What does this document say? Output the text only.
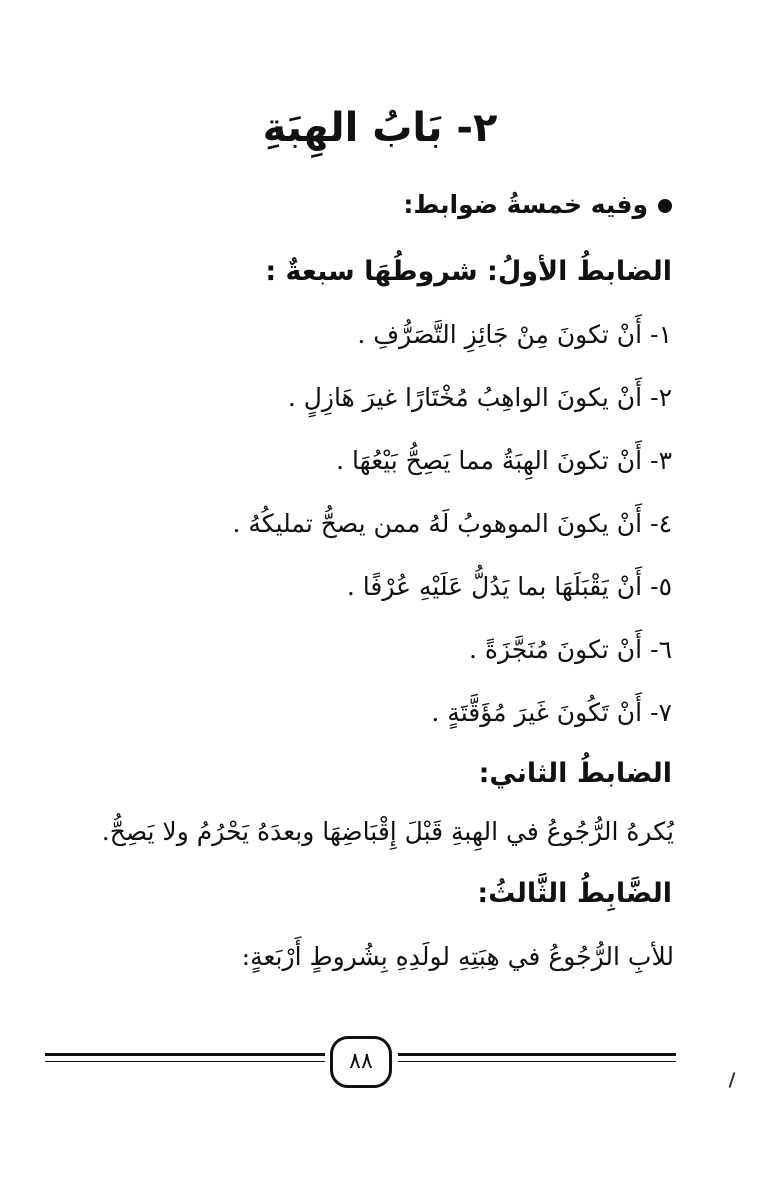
٢- بَابُ الهِبَةِ
وفيه خمسةُ ضوابط:
الضابطُ الأولُ: شروطُهَا سبعةٌ :
١-أَنْ تكونَ مِنْ جَائِزِ التَّصَرُّفِ .
٢-أَنْ يكونَ الواهِبُ مُخْتَارًا غيرَ هَازِلٍ .
٣-أَنْ تكونَ الهِبَةُ مما يَصِحُّ بَيْعُهَا .
٤-أَنْ يكونَ الموهوبُ لَهُ ممن يصحُّ تمليكُهُ .
٥-أَنْ يَقْبَلَهَا بما يَدُلُّ عَلَيْهِ عُرْفًا .
٦-أَنْ تكونَ مُنَجَّزَةً .
٧-أَنْ تَكُونَ غَيرَ مُؤَقَّتَةٍ .
الضابطُ الثاني:
يُكرهُ الرُّجُوعُ في الهِبةِ قَبْلَ إِقْبَاضِهَا وبعدَهُ يَحْرُمُ ولا يَصِحُّ.
الضَّابِطُ الثَّالثُ:
للأبِ الرُّجُوعُ في هِبَتِهِ لولَدِهِ بِشُروطٍ أَرْبَعةٍ:
٨٨
